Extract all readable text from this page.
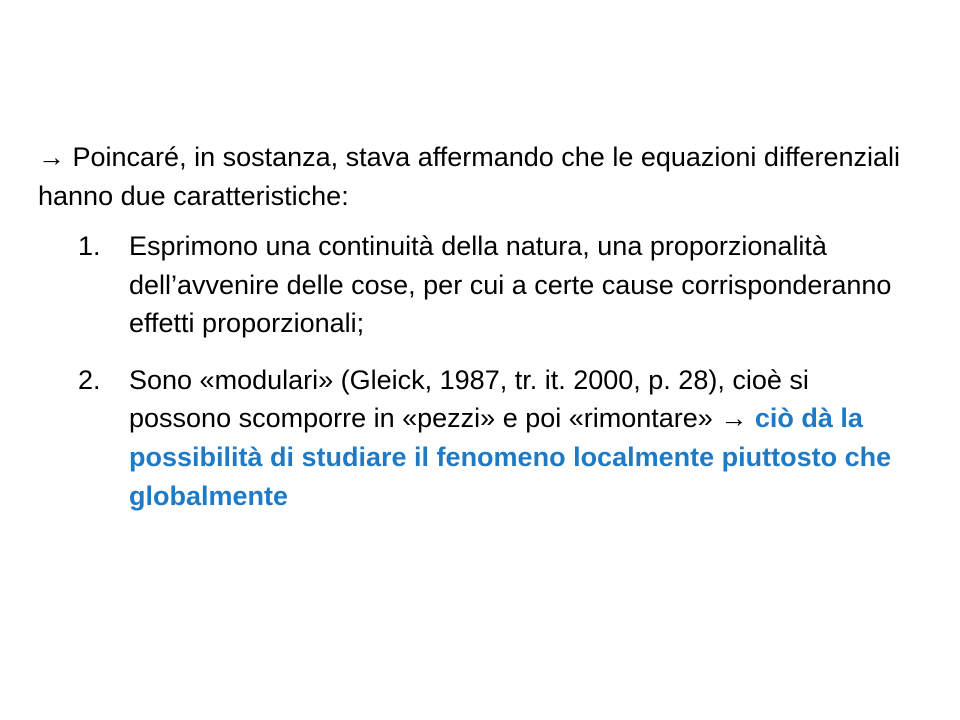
→ Poincaré, in sostanza, stava affermando che le equazioni differenziali hanno due caratteristiche:

1. Esprimono una continuità della natura, una proporzionalità dell’avvenire delle cose, per cui a certe cause corrisponderanno effetti proporzionali;
2. Sono «modulari» (Gleick, 1987, tr. it. 2000, p. 28), cioè si possono scomporre in «pezzi» e poi «rimontare» → ciò dà la possibilità di studiare il fenomeno localmente piuttosto che globalmente
